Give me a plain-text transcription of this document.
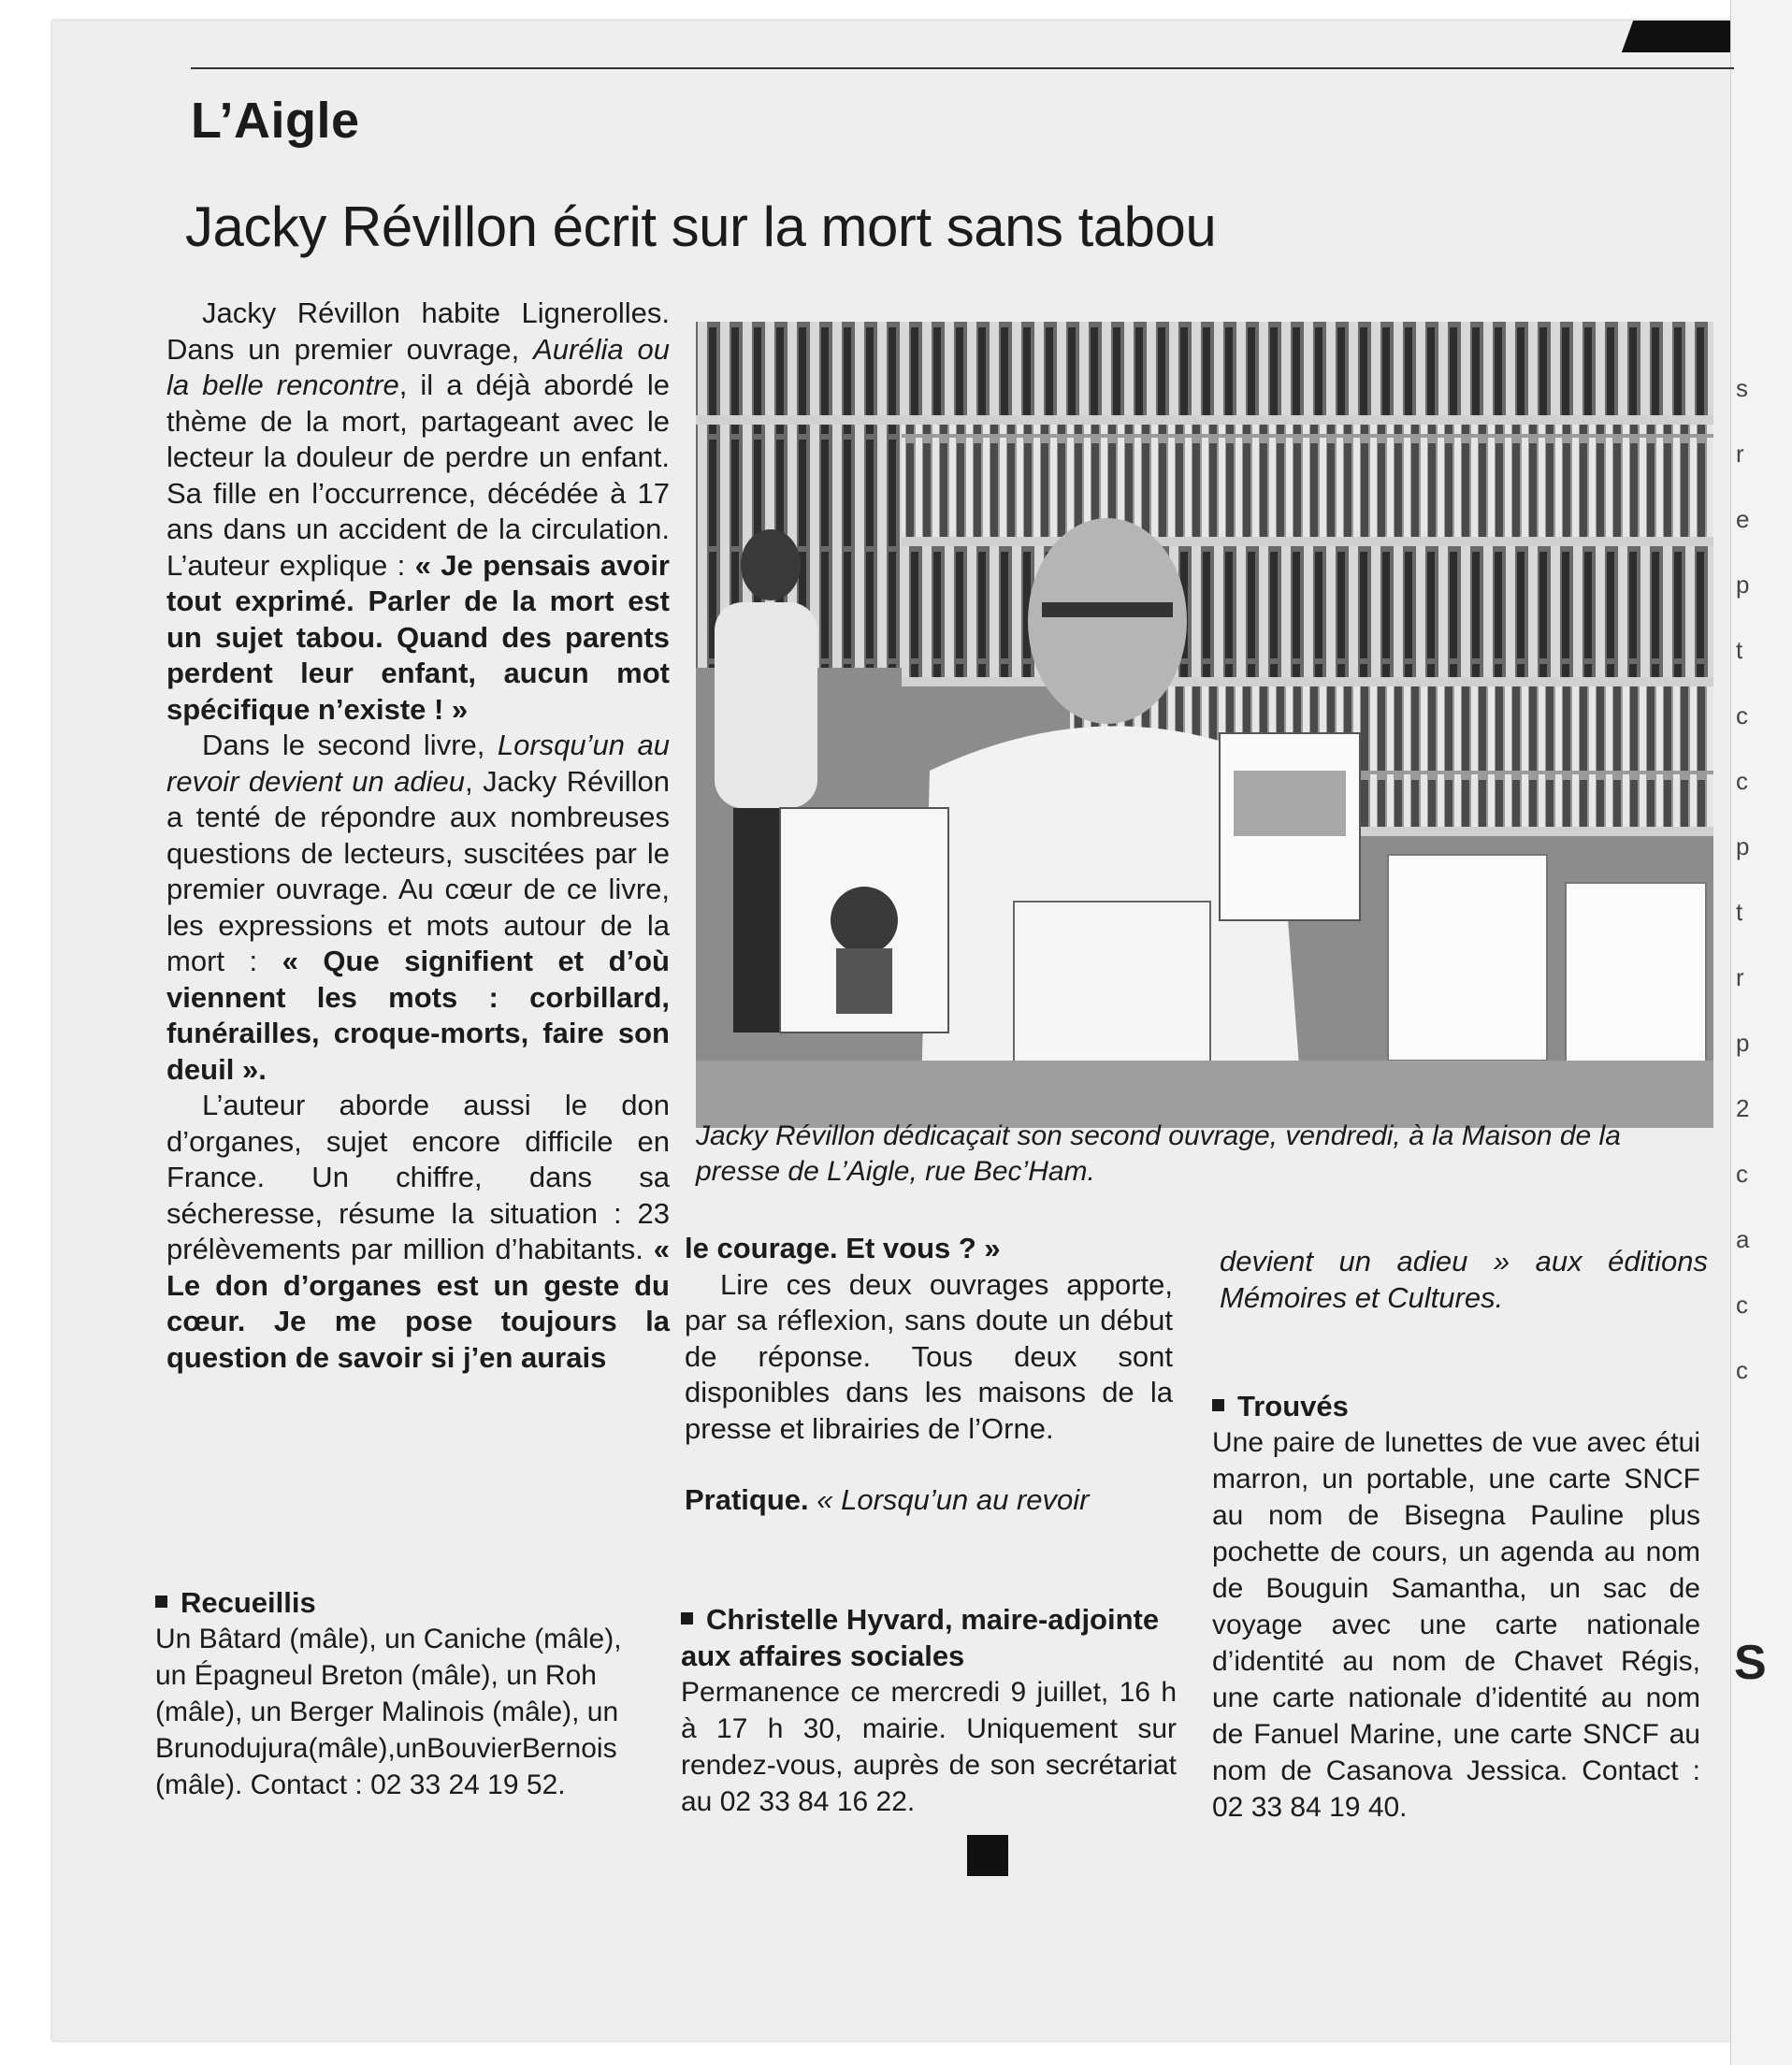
s
r
e
p
t
c
c
p
t
r
p
2
c
a
c
c
S
L’Aigle
Jacky Révillon écrit sur la mort sans tabou

Jacky Révillon habite Lignerolles. Dans un premier ouvrage, Aurélia ou la belle rencontre, il a déjà abordé le thème de la mort, partageant avec le lecteur la douleur de perdre un enfant. Sa fille en l’occurrence, décédée à 17 ans dans un accident de la circulation. L’auteur explique : « Je pensais avoir tout exprimé. Parler de la mort est un sujet tabou. Quand des parents perdent leur enfant, aucun mot spécifique n’existe ! »

Dans le second livre, Lorsqu’un au revoir devient un adieu, Jacky Révillon a tenté de répondre aux nombreuses questions de lecteurs, suscitées par le premier ouvrage. Au cœur de ce livre, les expressions et mots autour de la mort : « Que signifient et d’où viennent les mots : corbillard, funérailles, croque-morts, faire son deuil ».

L’auteur aborde aussi le don d’organes, sujet encore difficile en France. Un chiffre, dans sa sécheresse, résume la situation : 23 prélèvements par million d’habitants. « Le don d’organes est un geste du cœur. Je me pose toujours la question de savoir si j’en aurais

Jacky Révillon dédicaçait son second ouvrage, vendredi, à la Maison de la presse de L’Aigle, rue Bec’Ham.

le courage. Et vous ? »

Lire ces deux ouvrages apporte, par sa réflexion, sans doute un début de réponse. Tous deux sont disponibles dans les maisons de la presse et librairies de l’Orne.

Pratique. « Lorsqu’un au revoir

devient un adieu » aux éditions Mémoires et Cultures.

Recueillis
Un Bâtard (mâle), un Caniche (mâle), un Épagneul Breton (mâle), un Roh (mâle), un Berger Malinois (mâle), un Brunodujura(mâle),unBouvierBernois (mâle). Contact : 02 33 24 19 52.
Christelle Hyvard, maire-adjointe aux affaires sociales
Permanence ce mercredi 9 juillet, 16 h à 17 h 30, mairie. Uniquement sur rendez-vous, auprès de son secrétariat au 02 33 84 16 22.
Trouvés
Une paire de lunettes de vue avec étui marron, un portable, une carte SNCF au nom de Bisegna Pauline plus pochette de cours, un agenda au nom de Bouguin Samantha, un sac de voyage avec une carte nationale d’identité au nom de Chavet Régis, une carte nationale d’identité au nom de Fanuel Marine, une carte SNCF au nom de Casanova Jessica. Contact : 02 33 84 19 40.
